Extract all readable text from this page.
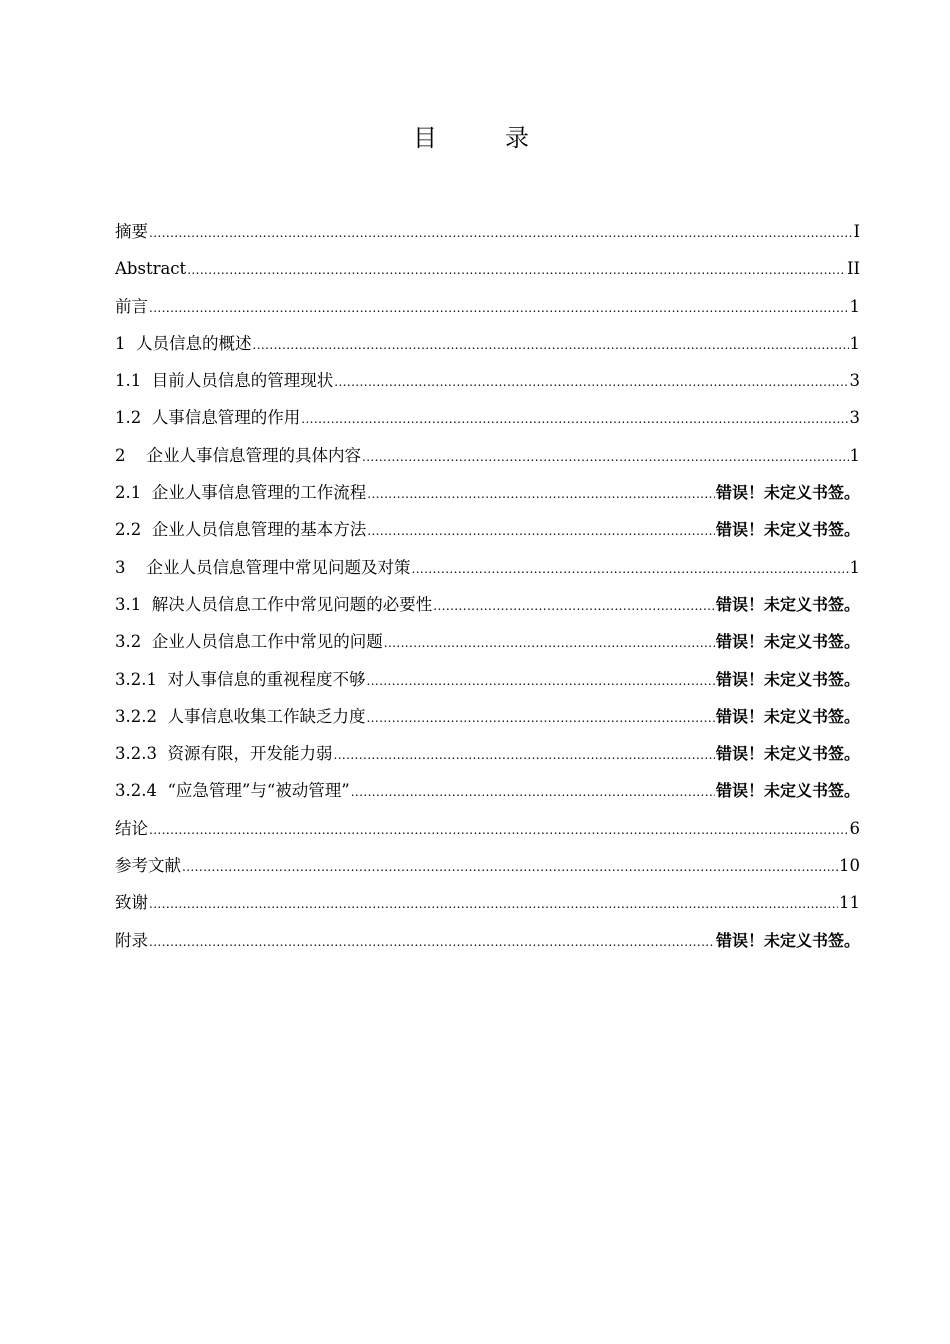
目　录
摘要 .....	I
Abstract .....	II
前言 .....	1
1  人员信息的概述 .....	1
1.1  目前人员信息的管理现状 .....	3
1.2  人事信息管理的作用 .....	3
2    企业人事信息管理的具体内容 .....	1
2.1  企业人事信息管理的工作流程 .....	错误！未定义书签。
2.2  企业人员信息管理的基本方法 .....	错误！未定义书签。
3    企业人员信息管理中常见问题及对策 .....	1
3.1  解决人员信息工作中常见问题的必要性 .....	错误！未定义书签。
3.2  企业人员信息工作中常见的问题 .....	错误！未定义书签。
3.2.1  对人事信息的重视程度不够 .....	错误！未定义书签。
3.2.2  人事信息收集工作缺乏力度 .....	错误！未定义书签。
3.2.3  资源有限，开发能力弱 .....	错误！未定义书签。
3.2.4  “应急管理”与“被动管理” .....	错误！未定义书签。
结论 .....	6
参考文献 .....	10
致谢 .....	11
附录 .....	错误！未定义书签。
